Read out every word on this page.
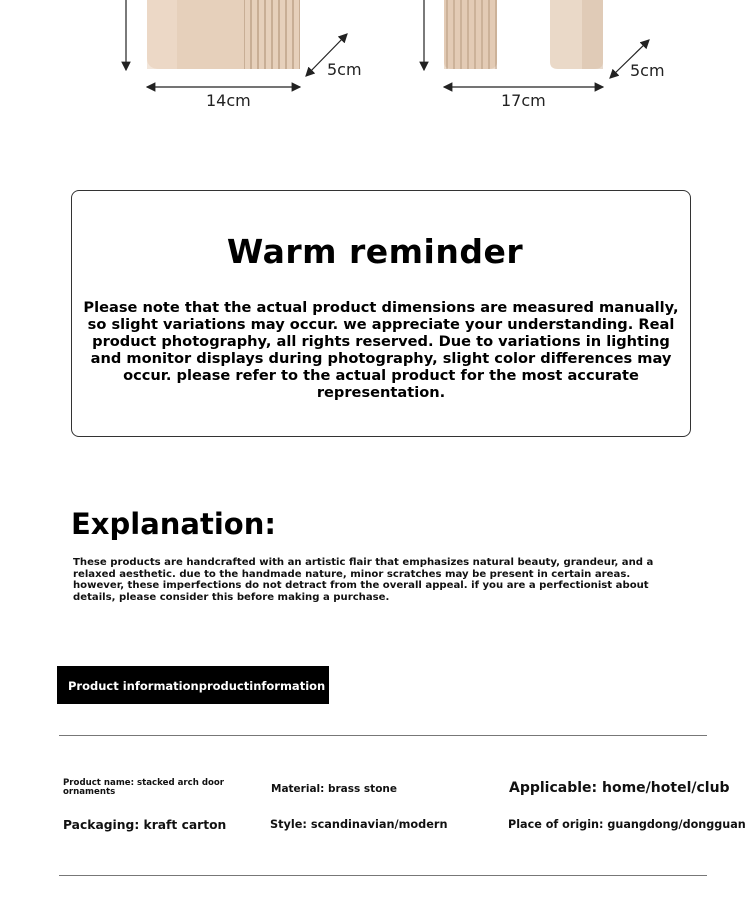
14cm
5cm
17cm
5cm
Warm reminder
Please note that the actual product dimensions are measured manually, so slight variations may occur. we appreciate your understanding. Real product photography, all rights reserved. Due to variations in lighting and monitor displays during photography, slight color differences may occur. please refer to the actual product for the most accurate representation.
Explanation:
These products are handcrafted with an artistic flair that emphasizes natural beauty, grandeur, and a relaxed aesthetic. due to the handmade nature, minor scratches may be present in certain areas. however, these imperfections do not detract from the overall appeal. if you are a perfectionist about details, please consider this before making a purchase.
Product informationproductinformation
Product name: stacked arch door ornaments	Material: brass stone	Applicable: home/hotel/club
Packaging: kraft carton	Style: scandinavian/modern	Place of origin: guangdong/dongguan
